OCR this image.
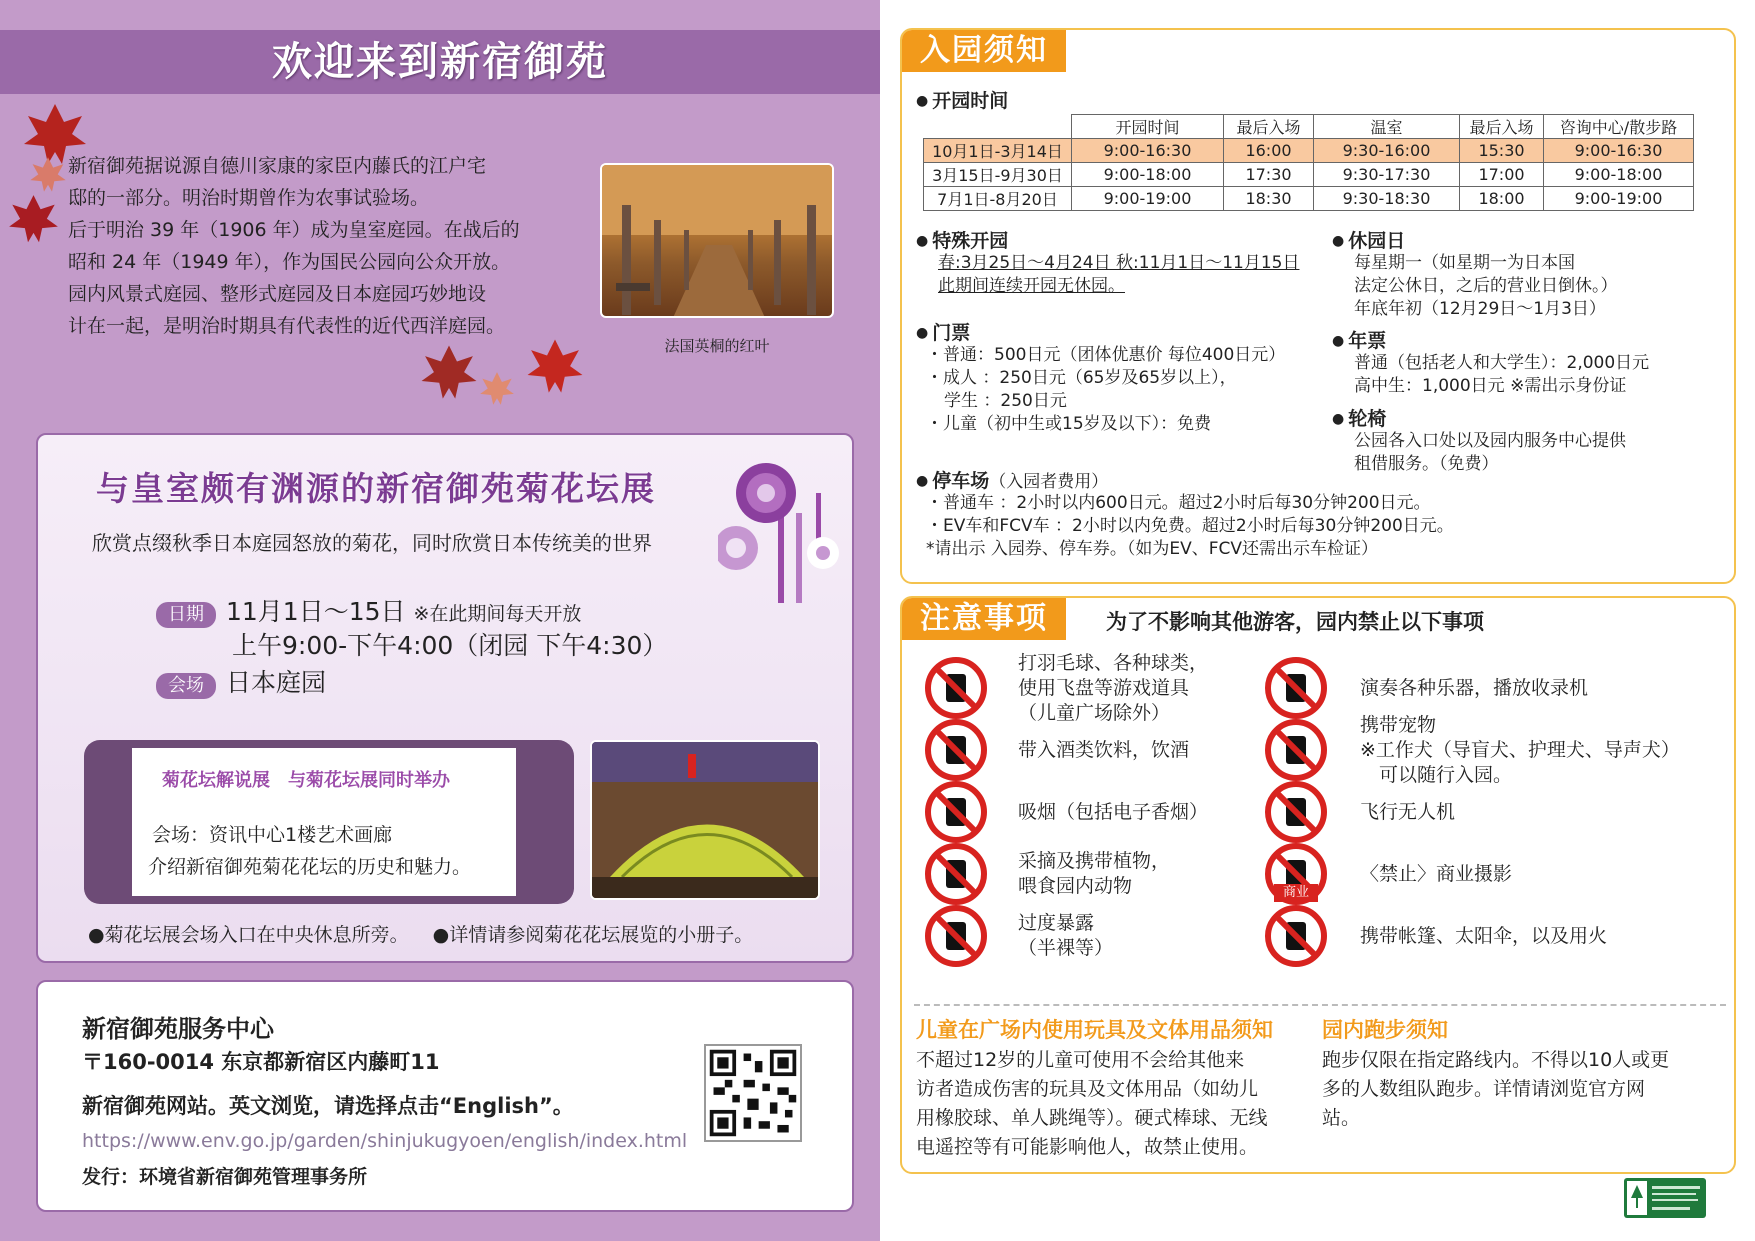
欢迎来到新宿御苑
新宿御苑据说源自德川家康的家臣内藤氏的江户宅
邸的一部分。明治时期曾作为农事试验场。
后于明治 39 年（1906 年）成为皇室庭园。在战后的
昭和 24 年（1949 年），作为国民公园向公众开放。
园内风景式庭园、整形式庭园及日本庭园巧妙地设
计在一起，是明治时期具有代表性的近代西洋庭园。
法国英桐的红叶
与皇室颇有渊源的新宿御苑菊花坛展
欣赏点缀秋季日本庭园怒放的菊花，同时欣赏日本传统美的世界
日期 11月1日～15日 ※在此期间每天开放
上午9:00-下午4:00（闭园 下午4:30）
会场 日本庭园
菊花坛解说展　与菊花坛展同时举办
会场：资讯中心1楼艺术画廊
介绍新宿御苑菊花花坛的历史和魅力。
●菊花坛展会场入口在中央休息所旁。 ●详情请参阅菊花花坛展览的小册子。
新宿御苑服务中心
〒160-0014 东京都新宿区内藤町11
新宿御苑网站。英文浏览，请选择点击“English”。
https://www.env.go.jp/garden/shinjukugyoen/english/index.html
发行：环境省新宿御苑管理事务所
入园须知
● 开园时间
	开园时间	最后入场	温室	最后入场	咨询中心/散步路
10月1日-3月14日	9:00-16:30	16:00	9:30-16:00	15:30	9:00-16:30
3月15日-9月30日	9:00-18:00	17:30	9:30-17:30	17:00	9:00-18:00
7月1日-8月20日	9:00-19:00	18:30	9:30-18:30	18:00	9:00-19:00
● 特殊开园
春:3月25日～4月24日 秋:11月1日～11月15日
此期间连续开园无休园。
● 门票
・普通：500日元（团体优惠价 每位400日元）
・成人 ：250日元（65岁及65岁以上），
学生 ：250日元
・儿童（初中生或15岁及以下）：免费
● 停车场（入园者费用）
・普通车 ：2小时以内600日元。超过2小时后每30分钟200日元。
・EV车和FCV车 ：2小时以内免费。超过2小时后每30分钟200日元。
*请出示 入园券、停车券。（如为EV、FCV还需出示车检证）
● 休园日
每星期一（如星期一为日本国
法定公休日，之后的营业日倒休。）
年底年初（12月29日～1月3日）
● 年票
普通（包括老人和大学生）：2,000日元
高中生：1,000日元 ※需出示身份证
● 轮椅
公园各入口处以及园内服务中心提供
租借服务。（免费）
注意事项	为了不影响其他游客，园内禁止以下事项
打羽毛球、各种球类，
使用飞盘等游戏道具
（儿童广场除外）
带入酒类饮料，饮酒
吸烟（包括电子香烟）
采摘及携带植物，
喂食园内动物
过度暴露
（半裸等）
演奏各种乐器，播放收录机
携带宠物
※工作犬（导盲犬、护理犬、导声犬）
　可以随行入园。
飞行无人机
商业
〈禁止〉商业摄影
携带帐篷、太阳伞，以及用火
儿童在广场内使用玩具及文体用品须知
不超过12岁的儿童可使用不会给其他来
访者造成伤害的玩具及文体用品（如幼儿
用橡胶球、单人跳绳等）。硬式棒球、无线
电遥控等有可能影响他人，故禁止使用。
园内跑步须知
跑步仅限在指定路线内。不得以10人或更
多的人数组队跑步。详情请浏览官方网
站。
